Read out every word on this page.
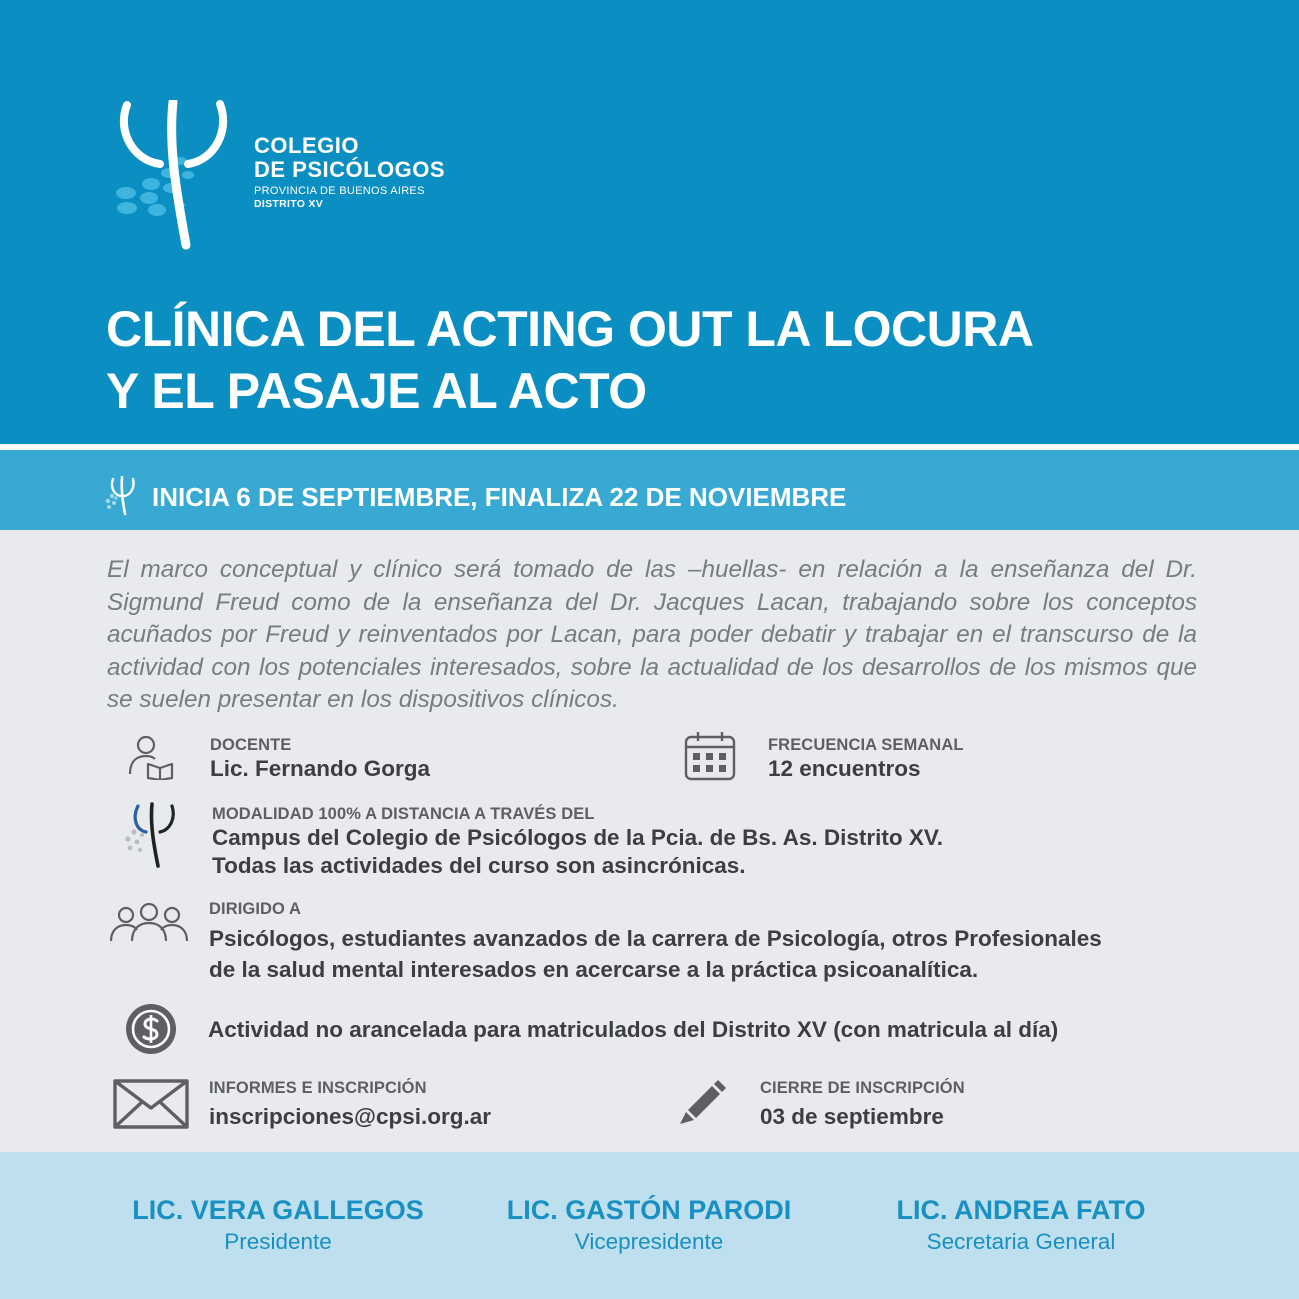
COLEGIO
DE PSICÓLOGOS
PROVINCIA DE BUENOS AIRES
DISTRITO XV
CLÍNICA DEL ACTING OUT LA LOCURA
Y EL PASAJE AL ACTO
INICIA 6 DE SEPTIEMBRE, FINALIZA 22 DE NOVIEMBRE
El marco conceptual y clínico será tomado de las –huellas- en relación a la enseñanza del Dr. Sigmund Freud como de la enseñanza del Dr. Jacques Lacan, trabajando sobre los conceptos acuñados por Freud y reinventados por Lacan, para poder debatir y trabajar en el transcurso de la actividad con los potenciales interesados, sobre la actualidad de los desarrollos de los mismos que se suelen presentar en los dispositivos clínicos.
DOCENTE
Lic. Fernando Gorga
FRECUENCIA SEMANAL
12 encuentros
MODALIDAD 100% A DISTANCIA A TRAVÉS DEL
Campus del Colegio de Psicólogos de la Pcia. de Bs. As. Distrito XV.
Todas las actividades del curso son asincrónicas.
DIRIGIDO A
Psicólogos, estudiantes avanzados de la carrera de Psicología, otros Profesionales
de la salud mental interesados en acercarse a la práctica psicoanalítica.
Actividad no arancelada para matriculados del Distrito XV (con matricula al día)
INFORMES E INSCRIPCIÓN
inscripciones@cpsi.org.ar
CIERRE DE INSCRIPCIÓN
03 de septiembre
LIC. VERA GALLEGOS
Presidente
LIC. GASTÓN PARODI
Vicepresidente
LIC. ANDREA FATO
Secretaria General
